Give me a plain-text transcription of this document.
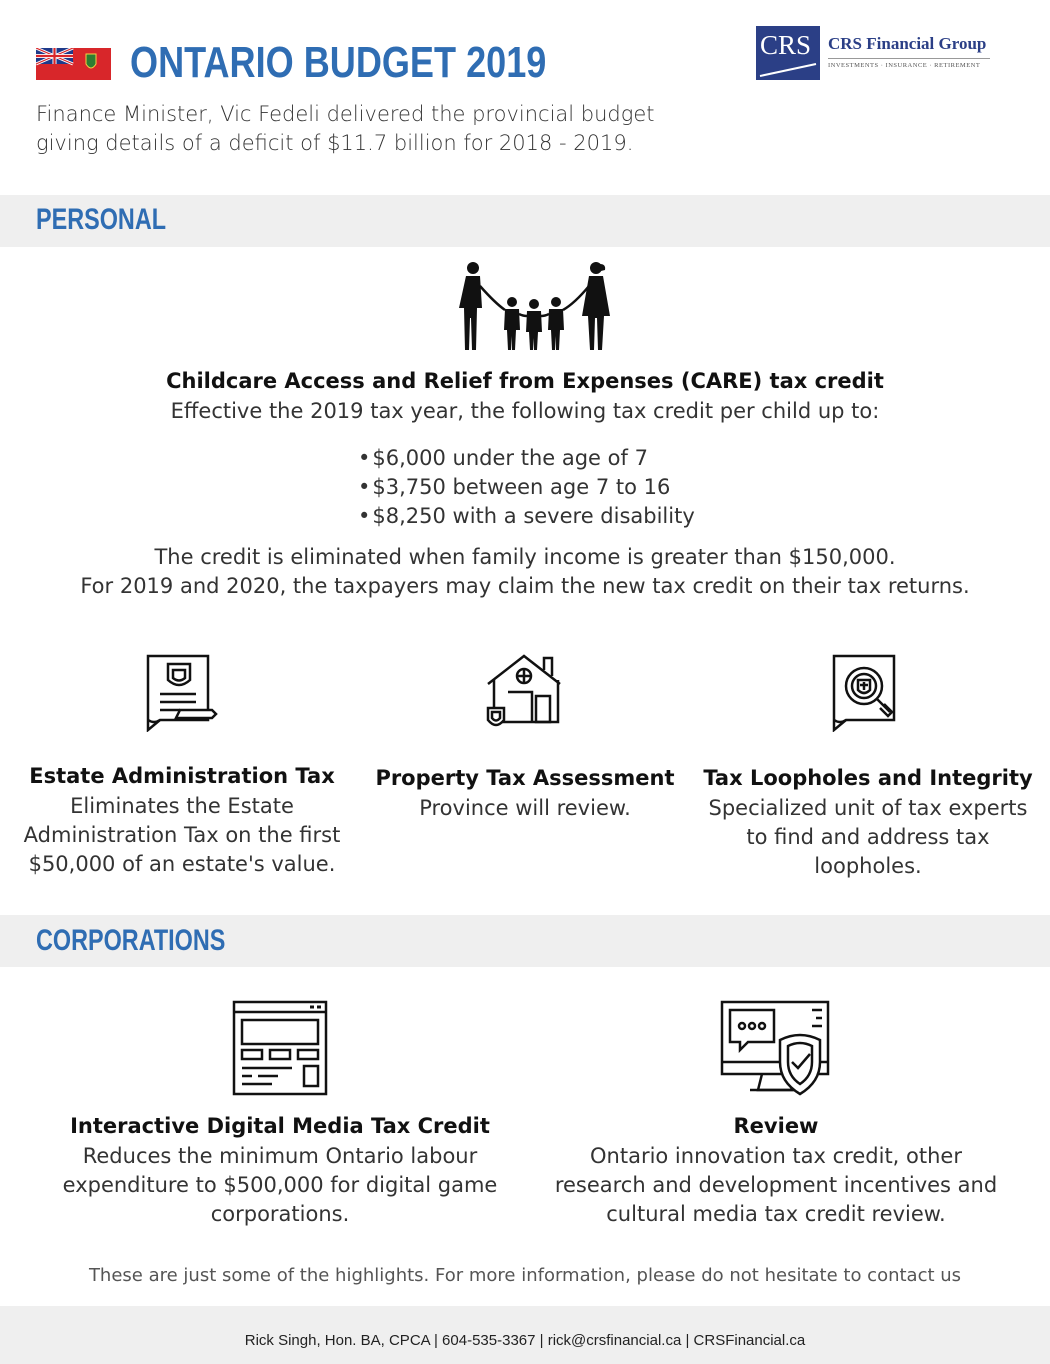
ONTARIO BUDGET 2019	CRS CRS Financial Group
INVESTMENTS · INSURANCE · RETIREMENT
Finance Minister, Vic Fedeli delivered the provincial budget
giving details of a deficit of $11.7 billion for 2018 - 2019.
PERSONAL
Childcare Access and Relief from Expenses (CARE) tax credit
Effective the 2019 tax year, the following tax credit per child up to:
• $6,000 under the age of 7
• $3,750 between age 7 to 16
• $8,250 with a severe disability
The credit is eliminated when family income is greater than $150,000.
For 2019 and 2020, the taxpayers may claim the new tax credit on their tax returns.
Estate Administration Tax
Eliminates the Estate
Administration Tax on the first
$50,000 of an estate's value.
Property Tax Assessment
Province will review.
Tax Loopholes and Integrity
Specialized unit of tax experts
to find and address tax
loopholes.
CORPORATIONS
Interactive Digital Media Tax Credit
Reduces the minimum Ontario labour
expenditure to $500,000 for digital game
corporations.
Review
Ontario innovation tax credit, other
research and development incentives and
cultural media tax credit review.
These are just some of the highlights. For more information, please do not hesitate to contact us
Rick Singh, Hon. BA, CPCA | 604-535-3367 | rick@crsfinancial.ca | CRSFinancial.ca
